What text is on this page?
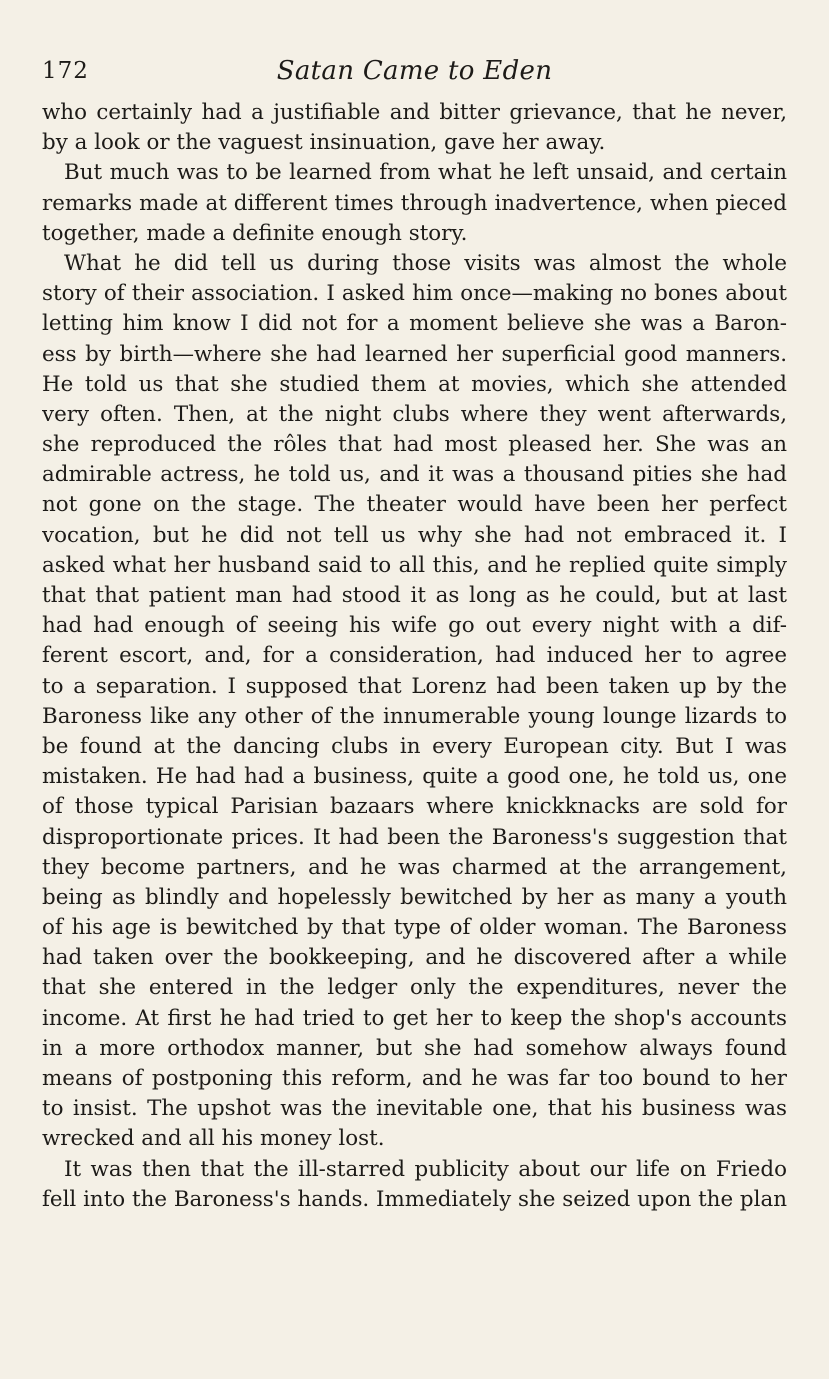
172	Satan Came to Eden
who certainly had a justifiable and bitter grievance, that he never,
by a look or the vaguest insinuation, gave her away.
But much was to be learned from what he left unsaid, and certain
remarks made at different times through inadvertence, when pieced
together, made a definite enough story.
What he did tell us during those visits was almost the whole
story of their association. I asked him once—making no bones about
letting him know I did not for a moment believe she was a Baron-
ess by birth—where she had learned her superficial good manners.
He told us that she studied them at movies, which she attended
very often. Then, at the night clubs where they went afterwards,
she reproduced the rôles that had most pleased her. She was an
admirable actress, he told us, and it was a thousand pities she had
not gone on the stage. The theater would have been her perfect
vocation, but he did not tell us why she had not embraced it. I
asked what her husband said to all this, and he replied quite simply
that that patient man had stood it as long as he could, but at last
had had enough of seeing his wife go out every night with a dif-
ferent escort, and, for a consideration, had induced her to agree
to a separation. I supposed that Lorenz had been taken up by the
Baroness like any other of the innumerable young lounge lizards to
be found at the dancing clubs in every European city. But I was
mistaken. He had had a business, quite a good one, he told us, one
of those typical Parisian bazaars where knickknacks are sold for
disproportionate prices. It had been the Baroness's suggestion that
they become partners, and he was charmed at the arrangement,
being as blindly and hopelessly bewitched by her as many a youth
of his age is bewitched by that type of older woman. The Baroness
had taken over the bookkeeping, and he discovered after a while
that she entered in the ledger only the expenditures, never the
income. At first he had tried to get her to keep the shop's accounts
in a more orthodox manner, but she had somehow always found
means of postponing this reform, and he was far too bound to her
to insist. The upshot was the inevitable one, that his business was
wrecked and all his money lost.
It was then that the ill-starred publicity about our life on Friedo
fell into the Baroness's hands. Immediately she seized upon the plan
